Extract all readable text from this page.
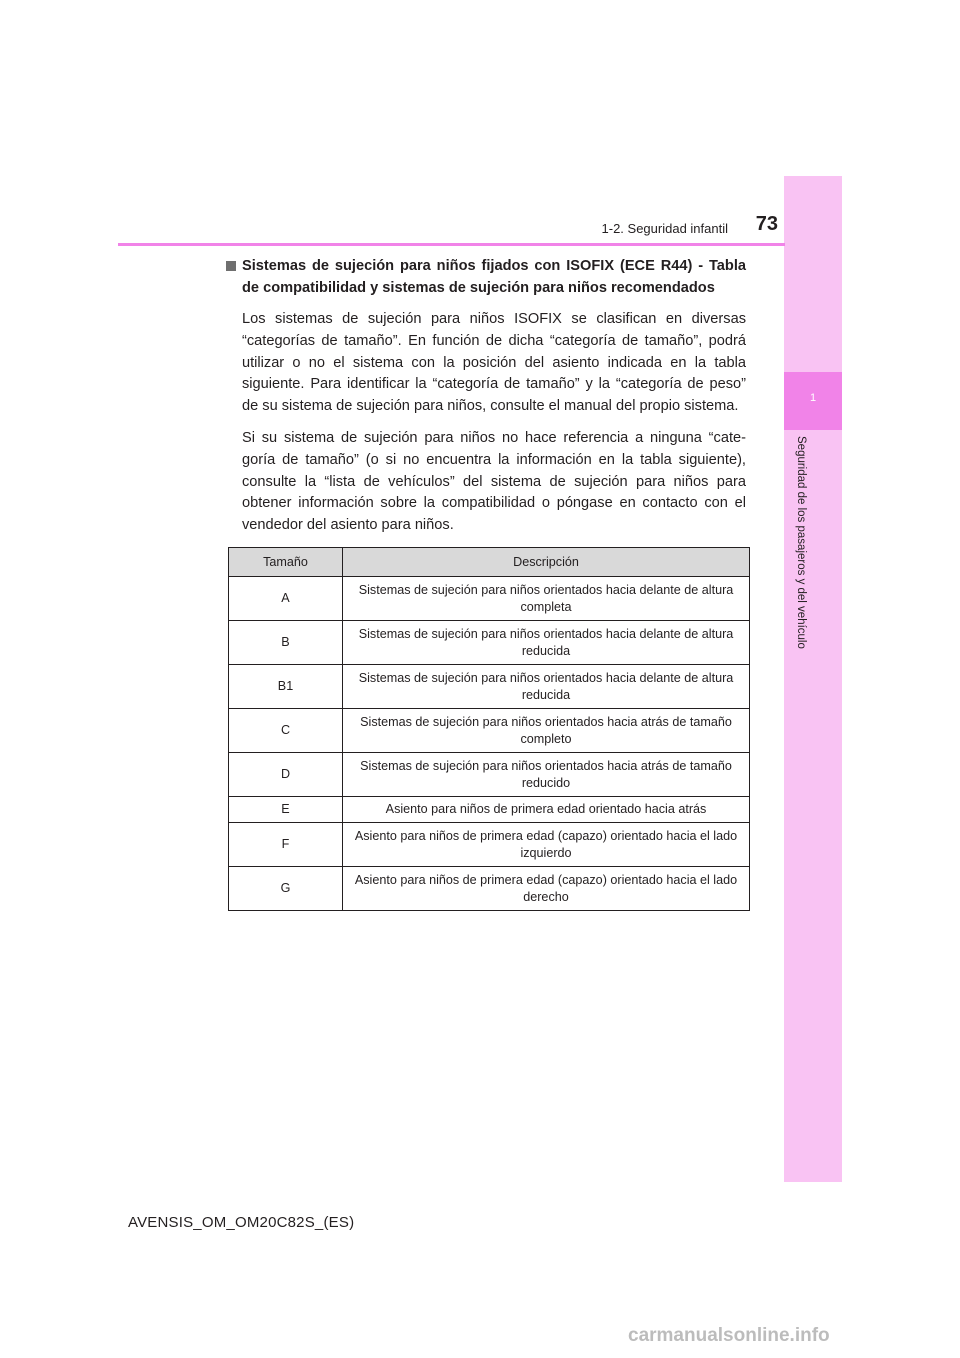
1
Seguridad de los pasajeros y del vehículo
1-2. Seguridad infantil	73
Sistemas de sujeción para niños fijados con ISOFIX (ECE R44) - Tabla de compatibilidad y sistemas de sujeción para niños recomendados

Los sistemas de sujeción para niños ISOFIX se clasifican en diversas “categorías de tamaño”. En función de dicha “categoría de tamaño”, podrá utilizar o no el sistema con la posición del asiento indicada en la tabla siguiente. Para identificar la “categoría de tamaño” y la “categoría de peso” de su sistema de sujeción para niños, consulte el manual del propio sistema.

Si su sistema de sujeción para niños no hace referencia a ninguna “cate-goría de tamaño” (o si no encuentra la información en la tabla siguiente), consulte la “lista de vehículos” del sistema de sujeción para niños para obtener información sobre la compatibilidad o póngase en contacto con el vendedor del asiento para niños.

Tamaño	Descripción
A	Sistemas de sujeción para niños orientados hacia delante de altura completa
B	Sistemas de sujeción para niños orientados hacia delante de altura reducida
B1	Sistemas de sujeción para niños orientados hacia delante de altura reducida
C	Sistemas de sujeción para niños orientados hacia atrás de tamaño completo
D	Sistemas de sujeción para niños orientados hacia atrás de tamaño reducido
E	Asiento para niños de primera edad orientado hacia atrás
F	Asiento para niños de primera edad (capazo) orientado hacia el lado izquierdo
G	Asiento para niños de primera edad (capazo) orientado hacia el lado derecho
AVENSIS_OM_OM20C82S_(ES)
carmanualsonline.info
